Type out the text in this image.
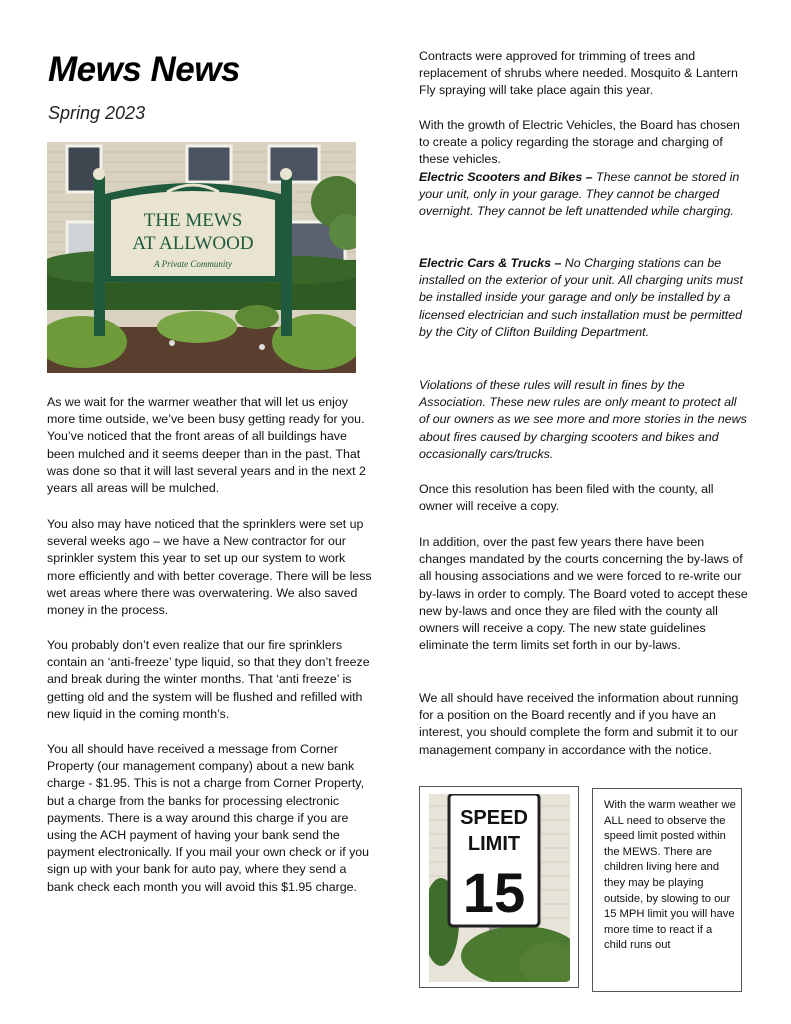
Mews News
Spring 2023
THE MEWS
AT ALLWOOD
A Private Community

As we wait for the warmer weather that will let us enjoy more time outside, we’ve been busy getting ready for you. You’ve noticed that the front areas of all buildings have been mulched and it seems deeper than in the past. That was done so that it will last several years and in the next 2 years all areas will be mulched.

You also may have noticed that the sprinklers were set up several weeks ago – we have a New contractor for our sprinkler system this year to set up our system to work more efficiently and with better coverage. There will be less wet areas where there was overwatering. We also saved money in the process.

You probably don’t even realize that our fire sprinklers contain an ‘anti-freeze’ type liquid, so that they don’t freeze and break during the winter months. That ‘anti freeze’ is getting old and the system will be flushed and refilled with new liquid in the coming month’s.

You all should have received a message from Corner Property (our management company) about a new bank charge - $1.95. This is not a charge from Corner Property, but a charge from the banks for processing electronic payments. There is a way around this charge if you are using the ACH payment of having your bank send the payment electronically. If you mail your own check or if you sign up with your bank for auto pay, where they send a bank check each month you will avoid this $1.95 charge.

Contracts were approved for trimming of trees and replacement of shrubs where needed. Mosquito & Lantern Fly spraying will take place again this year.

With the growth of Electric Vehicles, the Board has chosen to create a policy regarding the storage and charging of these vehicles.

Electric Scooters and Bikes – These cannot be stored in your unit, only in your garage. They cannot be charged overnight. They cannot be left unattended while charging.

Electric Cars & Trucks – No Charging stations can be installed on the exterior of your unit. All charging units must be installed inside your garage and only be installed by a licensed electrician and such installation must be permitted by the City of Clifton Building Department.

Violations of these rules will result in fines by the Association. These new rules are only meant to protect all of our owners as we see more and more stories in the news about fires caused by charging scooters and bikes and occasionally cars/trucks.

Once this resolution has been filed with the county, all owner will receive a copy.

In addition, over the past few years there have been changes mandated by the courts concerning the by-laws of all housing associations and we were forced to re-write our by-laws in order to comply. The Board voted to accept these new by-laws and once they are filed with the county all owners will receive a copy. The new state guidelines eliminate the term limits set forth in our by-laws.

We all should have received the information about running for a position on the Board recently and if you have an interest, you should complete the form and submit it to our management company in accordance with the notice.

SPEED
LIMIT
15

With the warm weather we ALL need to observe the speed limit posted within the MEWS. There are children living here and they may be playing outside, by slowing to our 15 MPH limit you will have more time to react if a child runs out
